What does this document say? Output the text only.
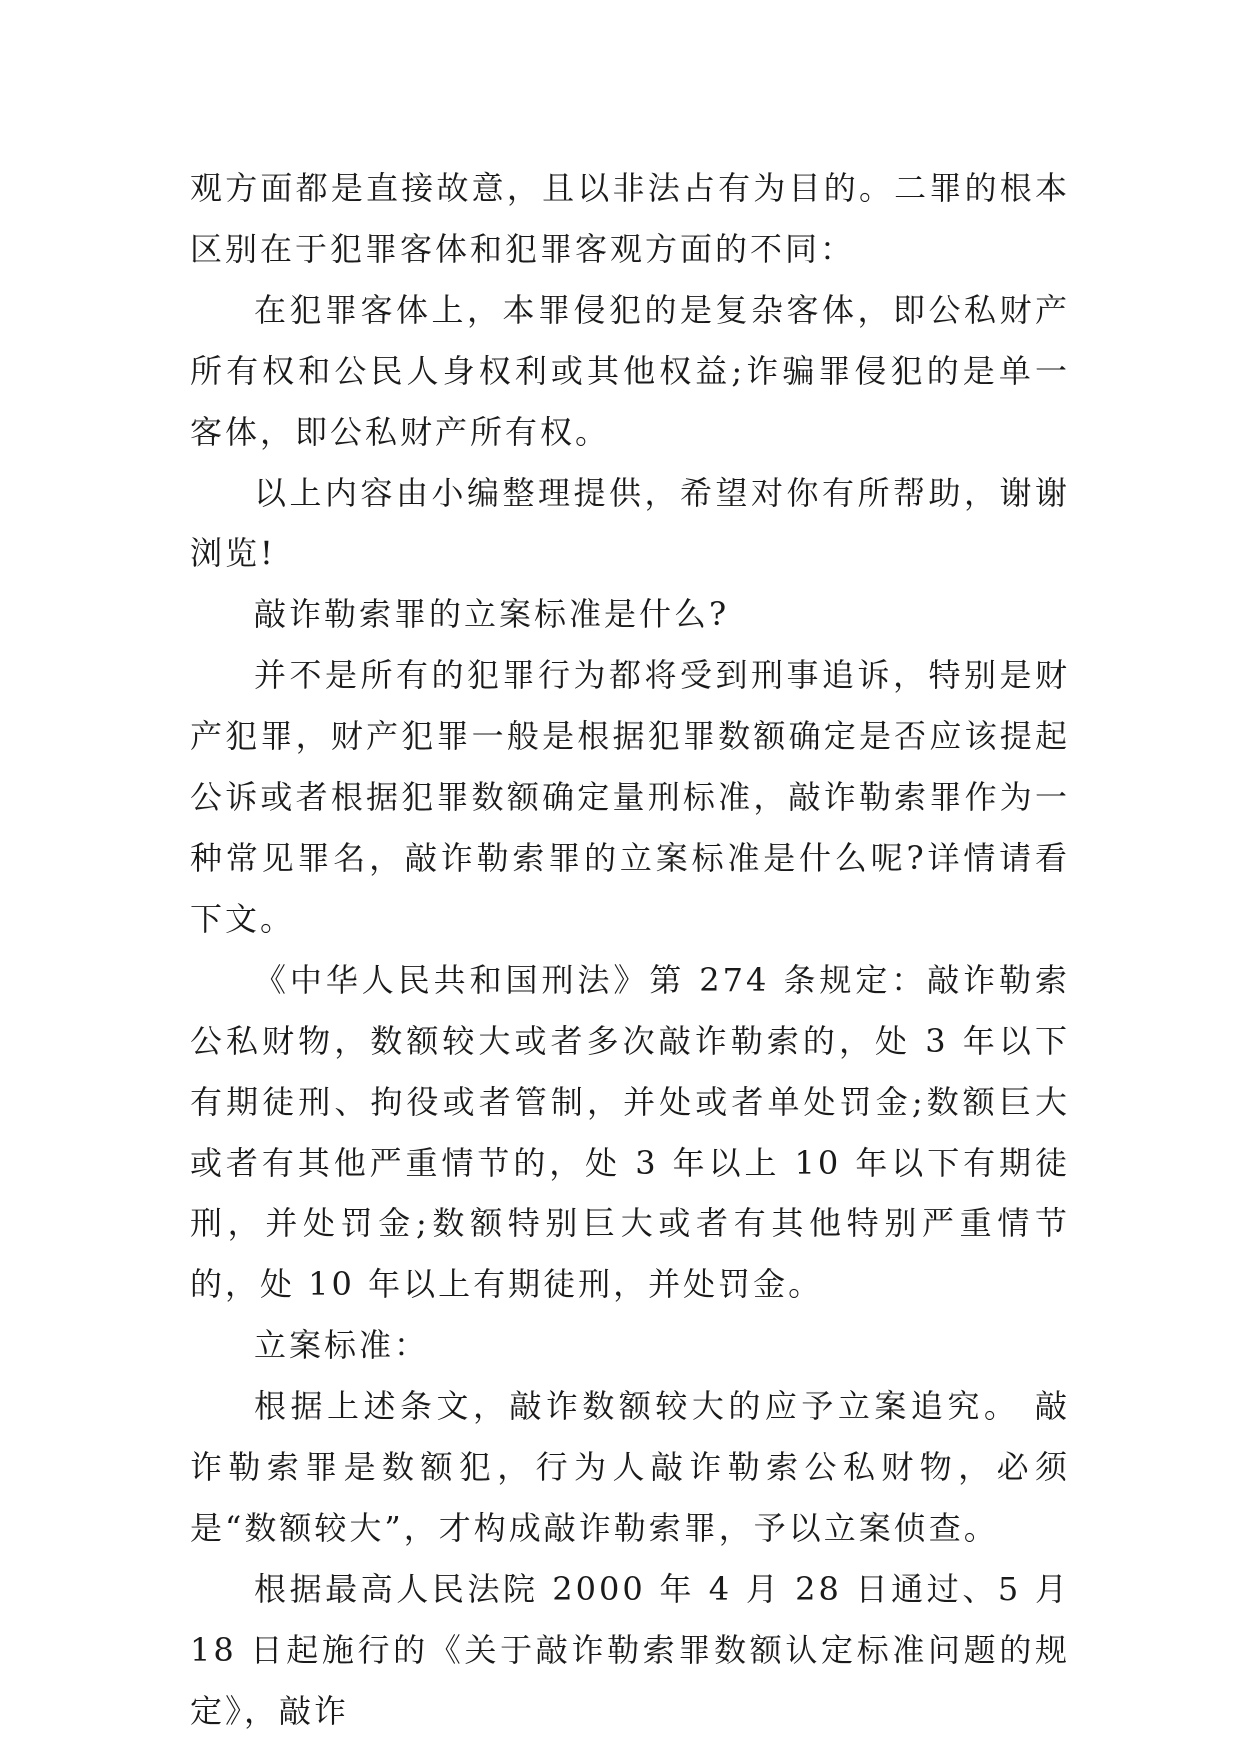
观方面都是直接故意，且以非法占有为目的。二罪的根本区别在于犯罪客体和犯罪客观方面的不同：

在犯罪客体上，本罪侵犯的是复杂客体，即公私财产所有权和公民人身权利或其他权益;诈骗罪侵犯的是单一客体，即公私财产所有权。

以上内容由小编整理提供，希望对你有所帮助，谢谢浏览!

敲诈勒索罪的立案标准是什么?

并不是所有的犯罪行为都将受到刑事追诉，特别是财产犯罪，财产犯罪一般是根据犯罪数额确定是否应该提起公诉或者根据犯罪数额确定量刑标准，敲诈勒索罪作为一种常见罪名，敲诈勒索罪的立案标准是什么呢?详情请看下文。

《中华人民共和国刑法》第 274 条规定：敲诈勒索公私财物，数额较大或者多次敲诈勒索的，处 3 年以下有期徒刑、拘役或者管制，并处或者单处罚金;数额巨大或者有其他严重情节的，处 3 年以上 10 年以下有期徒刑，并处罚金;数额特别巨大或者有其他特别严重情节的，处 10 年以上有期徒刑，并处罚金。

立案标准：

根据上述条文，敲诈数额较大的应予立案追究。 敲诈勒索罪是数额犯，行为人敲诈勒索公私财物，必须是“数额较大”，才构成敲诈勒索罪，予以立案侦查。

根据最高人民法院 2000 年 4 月 28 日通过、5 月 18 日起施行的《关于敲诈勒索罪数额认定标准问题的规定》，敲诈
